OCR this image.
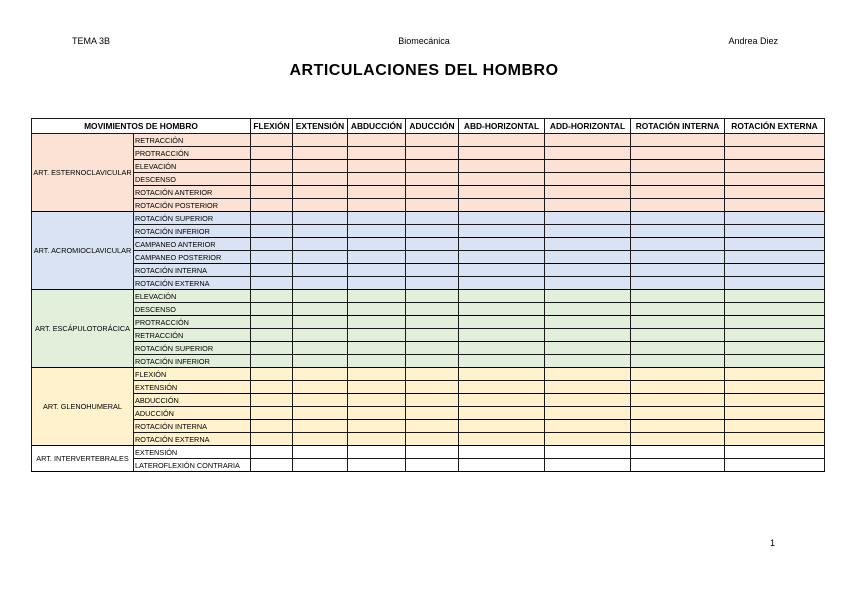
TEMA 3B	Biomecánica	Andrea Diez
ARTICULACIONES DEL HOMBRO
MOVIMIENTOS DE HOMBRO		FLEXIÓN	EXTENSIÓN	ABDUCCIÓN	ADUCCIÓN	ABD-HORIZONTAL	ADD-HORIZONTAL	ROTACIÓN INTERNA	ROTACIÓN EXTERNA
ART. ESTERNOCLAVICULAR	RETRACCIÓN								
	PROTRACCIÓN								
	ELEVACIÓN								
	DESCENSO								
	ROTACIÓN ANTERIOR								
	ROTACIÓN POSTERIOR								
ART. ACROMIOCLAVICULAR	ROTACIÓN SUPERIOR								
	ROTACIÓN INFERIOR								
	CAMPANEO ANTERIOR								
	CAMPANEO POSTERIOR								
	ROTACIÓN INTERNA								
	ROTACIÓN EXTERNA								
ART. ESCÁPULOTORÁCICA	ELEVACIÓN								
	DESCENSO								
	PROTRACCIÓN								
	RETRACCIÓN								
	ROTACIÓN SUPERIOR								
	ROTACIÓN INFERIOR								
ART. GLENOHUMERAL	FLEXIÓN								
	EXTENSIÓN								
	ABDUCCIÓN								
	ADUCCIÓN								
	ROTACIÓN INTERNA								
	ROTACIÓN EXTERNA								
ART. INTERVERTEBRALES	EXTENSIÓN								
	LATEROFLEXIÓN CONTRARIA								
1
